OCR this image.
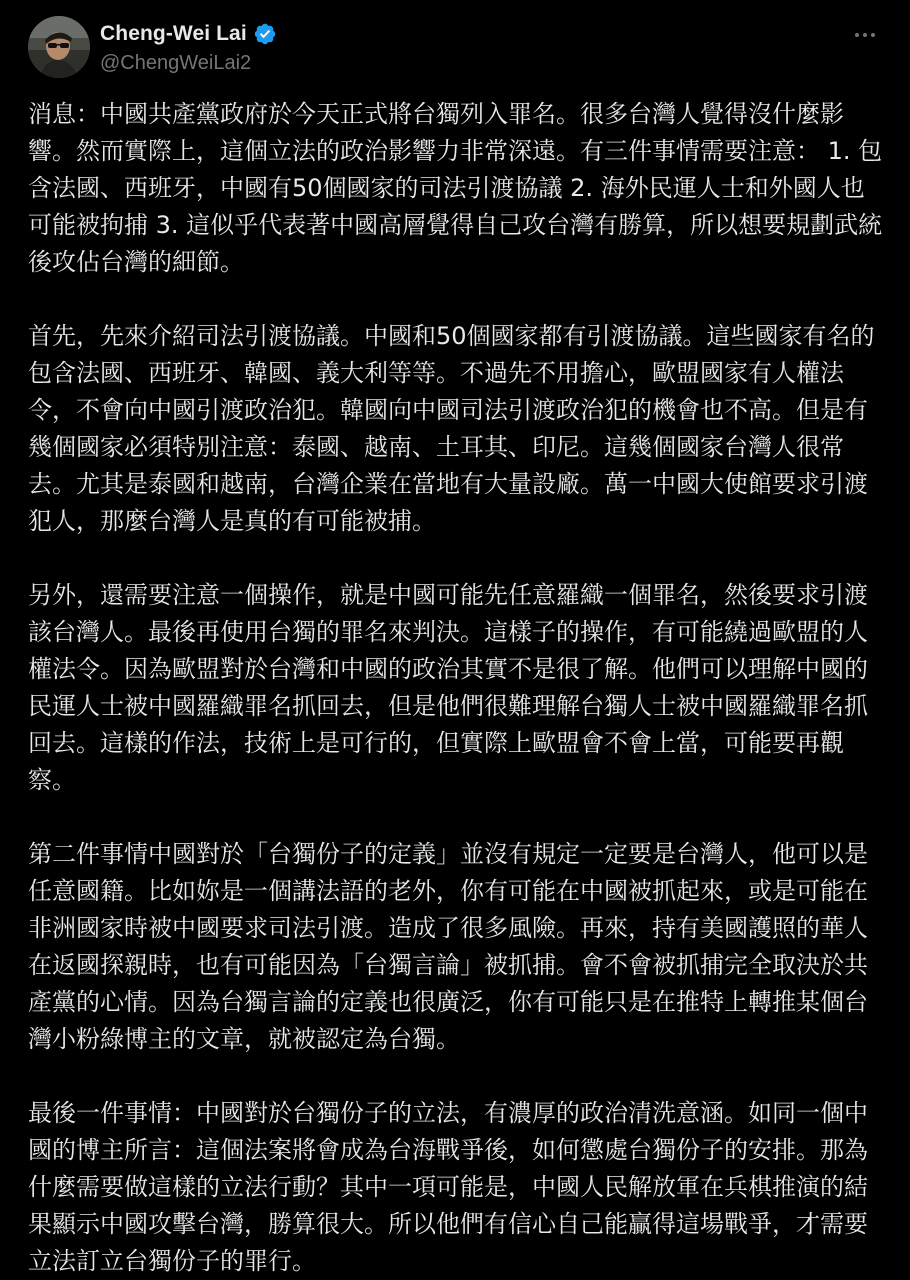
Cheng-Wei Lai
@ChengWeiLai2

消息：中國共產黨政府於今天正式將台獨列入罪名。很多台灣人覺得沒什麼影響。然而實際上，這個立法的政治影響力非常深遠。有三件事情需要注意： 1. 包含法國、西班牙，中國有50個國家的司法引渡協議 2. 海外民運人士和外國人也可能被拘捕 3. 這似乎代表著中國高層覺得自己攻台灣有勝算，所以想要規劃武統後攻佔台灣的細節。

首先，先來介紹司法引渡協議。中國和50個國家都有引渡協議。這些國家有名的包含法國、西班牙、韓國、義大利等等。不過先不用擔心，歐盟國家有人權法令，不會向中國引渡政治犯。韓國向中國司法引渡政治犯的機會也不高。但是有幾個國家必須特別注意：泰國、越南、土耳其、印尼。這幾個國家台灣人很常去。尤其是泰國和越南，台灣企業在當地有大量設廠。萬一中國大使館要求引渡犯人，那麼台灣人是真的有可能被捕。

另外，還需要注意一個操作，就是中國可能先任意羅織一個罪名，然後要求引渡該台灣人。最後再使用台獨的罪名來判決。這樣子的操作，有可能繞過歐盟的人權法令。因為歐盟對於台灣和中國的政治其實不是很了解。他們可以理解中國的民運人士被中國羅織罪名抓回去，但是他們很難理解台獨人士被中國羅織罪名抓回去。這樣的作法，技術上是可行的，但實際上歐盟會不會上當，可能要再觀察。

第二件事情中國對於「台獨份子的定義」並沒有規定一定要是台灣人，他可以是任意國籍。比如妳是一個講法語的老外，你有可能在中國被抓起來，或是可能在非洲國家時被中國要求司法引渡。造成了很多風險。再來，持有美國護照的華人在返國探親時，也有可能因為「台獨言論」被抓捕。會不會被抓捕完全取決於共產黨的心情。因為台獨言論的定義也很廣泛，你有可能只是在推特上轉推某個台灣小粉綠博主的文章，就被認定為台獨。

最後一件事情：中國對於台獨份子的立法，有濃厚的政治清洗意涵。如同一個中國的博主所言：這個法案將會成為台海戰爭後，如何懲處台獨份子的安排。那為什麼需要做這樣的立法行動？其中一項可能是，中國人民解放軍在兵棋推演的結果顯示中國攻擊台灣，勝算很大。所以他們有信心自己能贏得這場戰爭，才需要立法訂立台獨份子的罪行。
